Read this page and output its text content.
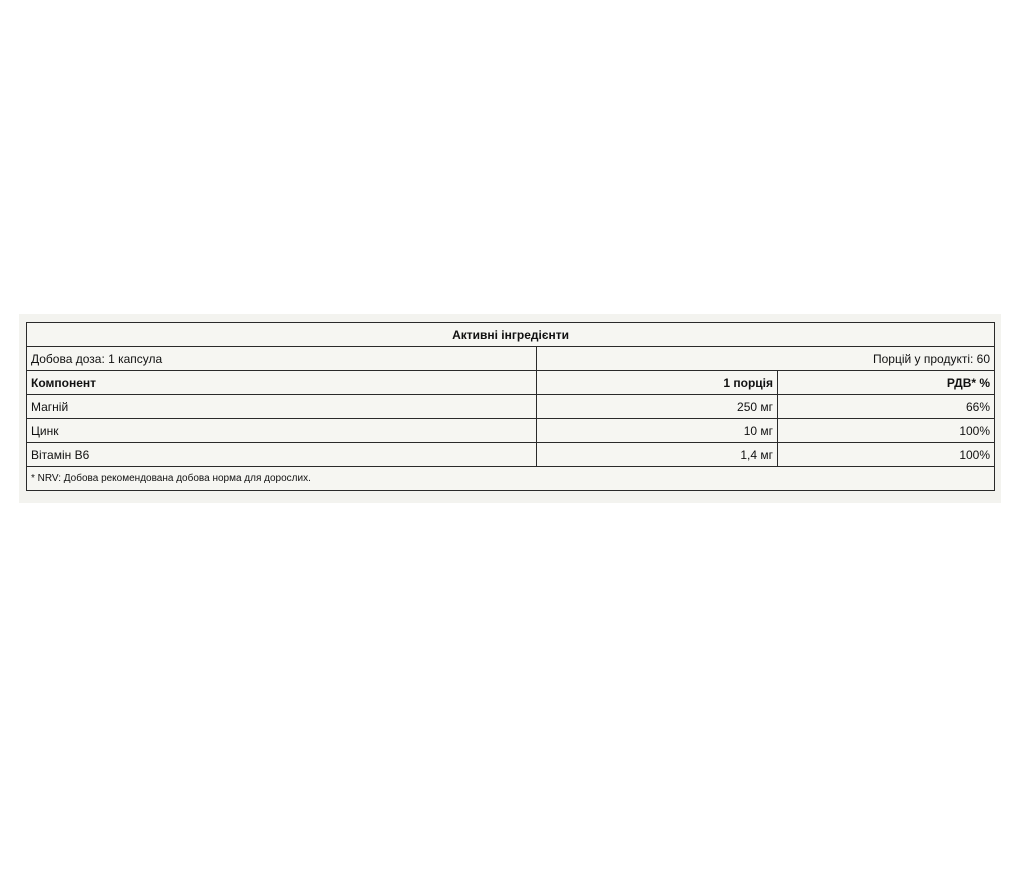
Активні інгредієнти		
Добова доза: 1 капсула	Порцій у продукті: 60	
Компонент	1 порція	РДВ* %
Магній	250 мг	66%
Цинк	10 мг	100%
Вітамін В6	1,4 мг	100%
* NRV: Добова рекомендована добова норма для дорослих.		
